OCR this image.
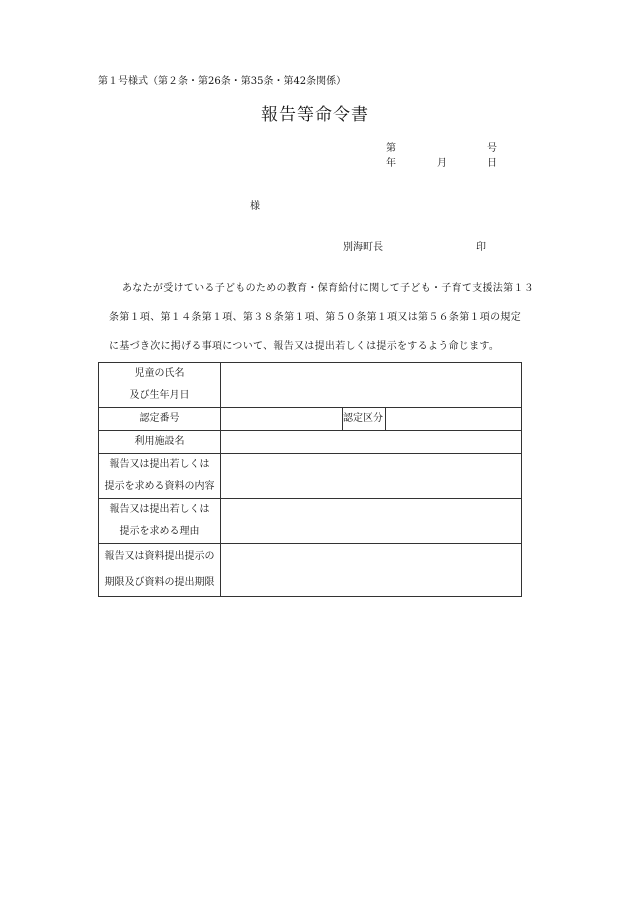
第１号様式（第２条・第26条・第35条・第42条関係）
報告等命令書
第	号
年	月	日
様
別海町長	印
あなたが受けている子どものための教育・保育給付に関して子ども・子育て支援法第１３
条第１項、第１４条第１項、第３８条第１項、第５０条第１項又は第５６条第１項の規定
に基づき次に掲げる事項について、報告又は提出若しくは提示をするよう命じます。
児童の氏名
及び生年月日			

認定番号		認定区分	
利用施設名			

報告又は提出若しくは
提示を求める資料の内容			

報告又は提出若しくは
提示を求める理由			

報告又は資料提出提示の
期限及び資料の提出期限			
